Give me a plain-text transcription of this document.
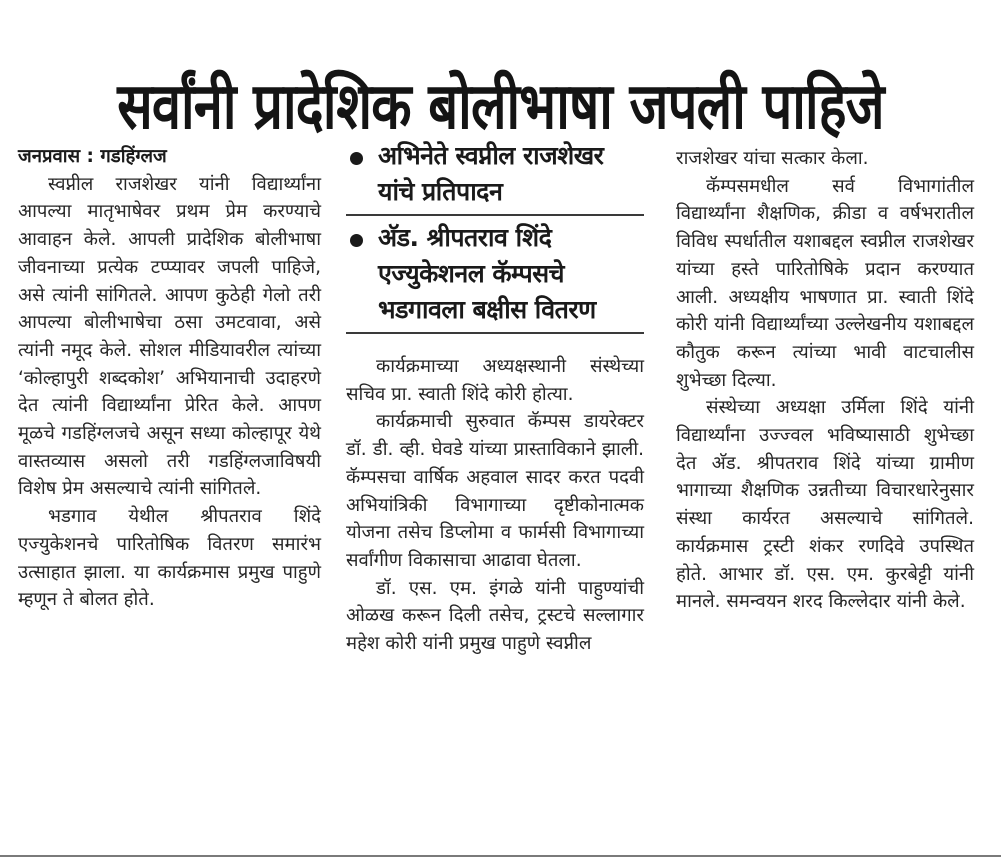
सर्वांनी प्रादेशिक बोलीभाषा जपली पाहिजे

जनप्रवास : गडहिंग्लज

स्वप्नील राजशेखर यांनी विद्यार्थ्यांना आपल्या मातृभाषेवर प्रथम प्रेम करण्याचे आवाहन केले. आपली प्रादेशिक बोलीभाषा जीवनाच्या प्रत्येक टप्प्यावर जपली पाहिजे, असे त्यांनी सांगितले. आपण कुठेही गेलो तरी आपल्या बोलीभाषेचा ठसा उमटवावा, असे त्यांनी नमूद केले. सोशल मीडियावरील त्यांच्या ‘कोल्हापुरी शब्दकोश’ अभियानाची उदाहरणे देत त्यांनी विद्यार्थ्यांना प्रेरित केले. आपण मूळचे गडहिंग्लजचे असून सध्या कोल्हापूर येथे वास्तव्यास असलो तरी गडहिंग्लजाविषयी विशेष प्रेम असल्याचे त्यांनी सांगितले.

भडगाव येथील श्रीपतराव शिंदे एज्युकेशनचे पारितोषिक वितरण समारंभ उत्साहात झाला. या कार्यक्रमास प्रमुख पाहुणे म्हणून ते बोलत होते.

अभिनेते स्वप्नील राजशेखर यांचे प्रतिपादन
अ‍ॅड. श्रीपतराव शिंदे एज्युकेशनल कॅम्पसचे भडगावला बक्षीस वितरण

कार्यक्रमाच्या अध्यक्षस्थानी संस्थेच्या सचिव प्रा. स्वाती शिंदे कोरी होत्या.

कार्यक्रमाची सुरुवात कॅम्पस डायरेक्टर डॉ. डी. व्ही. घेवडे यांच्या प्रास्ताविकाने झाली. कॅम्पसचा वार्षिक अहवाल सादर करत पदवी अभियांत्रिकी विभागाच्या दृष्टीकोनात्मक योजना तसेच डिप्लोमा व फार्मसी विभागाच्या सर्वांगीण विकासाचा आढावा घेतला.

डॉ. एस. एम. इंगळे यांनी पाहुण्यांची ओळख करून दिली तसेच, ट्रस्टचे सल्लागार महेश कोरी यांनी प्रमुख पाहुणे स्वप्नील

राजशेखर यांचा सत्कार केला.

कॅम्पसमधील सर्व विभागांतील विद्यार्थ्यांना शैक्षणिक, क्रीडा व वर्षभरातील विविध स्पर्धातील यशाबद्दल स्वप्नील राजशेखर यांच्या हस्ते पारितोषिके प्रदान करण्यात आली. अध्यक्षीय भाषणात प्रा. स्वाती शिंदे कोरी यांनी विद्यार्थ्यांच्या उल्लेखनीय यशाबद्दल कौतुक करून त्यांच्या भावी वाटचालीस शुभेच्छा दिल्या.

संस्थेच्या अध्यक्षा उर्मिला शिंदे यांनी विद्यार्थ्यांना उज्ज्वल भविष्यासाठी शुभेच्छा देत अ‍ॅड. श्रीपतराव शिंदे यांच्या ग्रामीण भागाच्या शैक्षणिक उन्नतीच्या विचारधारेनुसार संस्था कार्यरत असल्याचे सांगितले. कार्यक्रमास ट्रस्टी शंकर रणदिवे उपस्थित होते. आभार डॉ. एस. एम. कुरबेट्टी यांनी मानले. समन्वयन शरद किल्लेदार यांनी केले.
